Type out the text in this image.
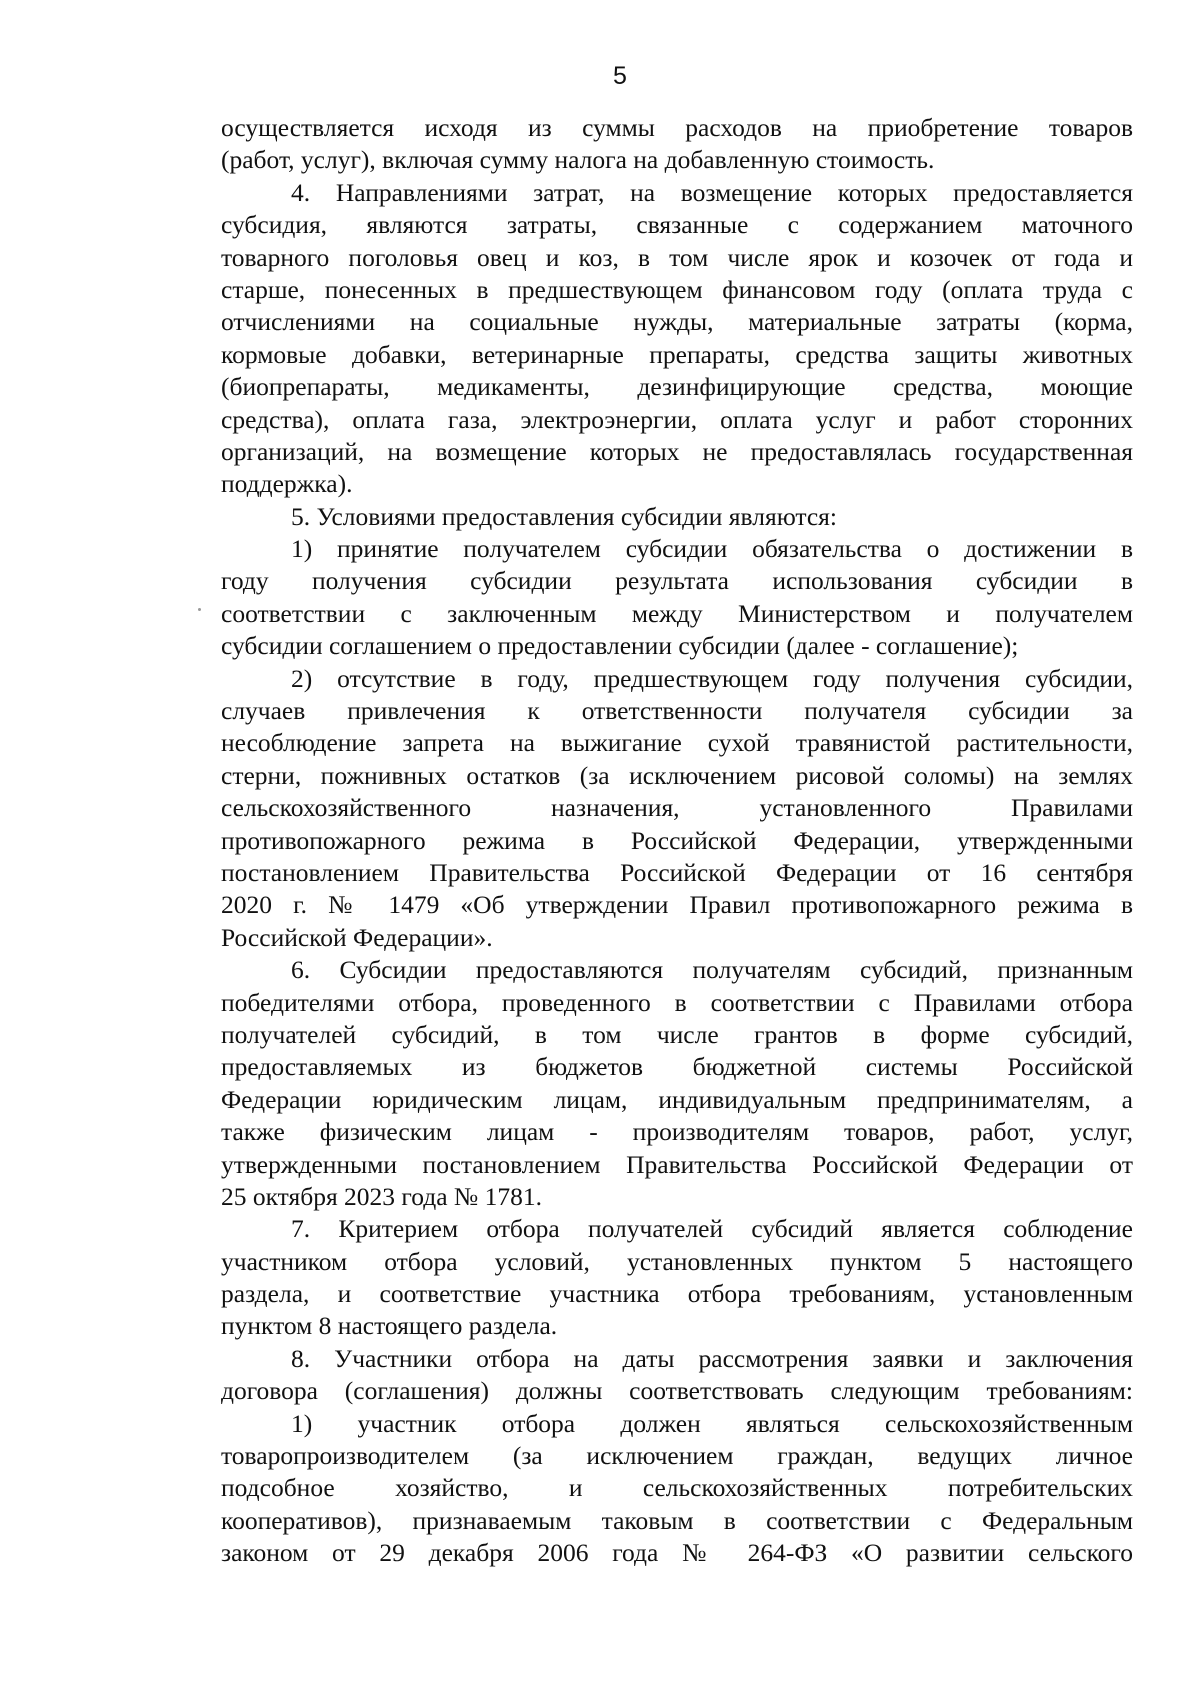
5
осуществляется исходя из суммы расходов на приобретение товаров
(работ, услуг), включая сумму налога на добавленную стоимость.
4. Направлениями затрат, на возмещение которых предоставляется
субсидия, являются затраты, связанные с содержанием маточного
товарного поголовья овец и коз, в том числе ярок и козочек от года и
старше, понесенных в предшествующем финансовом году (оплата труда с
отчислениями на социальные нужды, материальные затраты (корма,
кормовые добавки, ветеринарные препараты, средства защиты животных
(биопрепараты, медикаменты, дезинфицирующие средства, моющие
средства), оплата газа, электроэнергии, оплата услуг и работ сторонних
организаций, на возмещение которых не предоставлялась государственная
поддержка).
5. Условиями предоставления субсидии являются:
1) принятие получателем субсидии обязательства о достижении в
году получения субсидии результата использования субсидии в
соответствии с заключенным между Министерством и получателем
субсидии соглашением о предоставлении субсидии (далее - соглашение);
2) отсутствие в году, предшествующем году получения субсидии,
случаев привлечения к ответственности получателя субсидии за
несоблюдение запрета на выжигание сухой травянистой растительности,
стерни, пожнивных остатков (за исключением рисовой соломы) на землях
сельскохозяйственного назначения, установленного Правилами
противопожарного режима в Российской Федерации, утвержденными
постановлением Правительства Российской Федерации от 16 сентября
2020 г. № 1479 «Об утверждении Правил противопожарного режима в
Российской Федерации».
6. Субсидии предоставляются получателям субсидий, признанным
победителями отбора, проведенного в соответствии с Правилами отбора
получателей субсидий, в том числе грантов в форме субсидий,
предоставляемых из бюджетов бюджетной системы Российской
Федерации юридическим лицам, индивидуальным предпринимателям, а
также физическим лицам - производителям товаров, работ, услуг,
утвержденными постановлением Правительства Российской Федерации от
25 октября 2023 года № 1781.
7. Критерием отбора получателей субсидий является соблюдение
участником отбора условий, установленных пунктом 5 настоящего
раздела, и соответствие участника отбора требованиям, установленным
пунктом 8 настоящего раздела.
8. Участники отбора на даты рассмотрения заявки и заключения
договора (соглашения) должны соответствовать следующим требованиям:
1) участник отбора должен являться сельскохозяйственным
товаропроизводителем (за исключением граждан, ведущих личное
подсобное хозяйство, и сельскохозяйственных потребительских
кооперативов), признаваемым таковым в соответствии с Федеральным
законом от 29 декабря 2006 года № 264-ФЗ «О развитии сельского
